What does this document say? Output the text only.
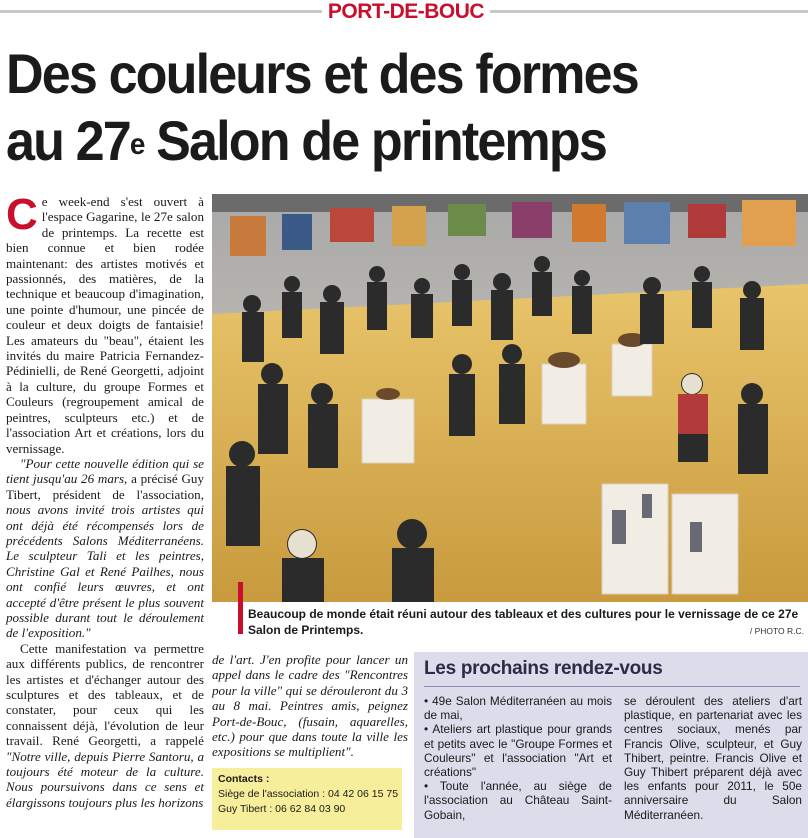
PORT-DE-BOUC
Des couleurs et des formes
au 27e Salon de printemps
C e week-end s'est ouvert à l'espace Gagarine, le 27e salon de printemps. La recette est bien connue et bien rodée maintenant: des artistes motivés et passionnés, des matières, de la technique et beaucoup d'imagination, une pointe d'humour, une pincée de couleur et deux doigts de fantaisie! Les amateurs du "beau", étaient les invités du maire Patricia Fernandez-Pédinielli, de René Georgetti, adjoint à la culture, du groupe Formes et Couleurs (regroupement amical de peintres, sculpteurs etc.) et de l'association Art et créations, lors du vernissage.

"Pour cette nouvelle édition qui se tient jusqu'au 26 mars, a précisé Guy Tibert, président de l'association, nous avons invité trois artistes qui ont déjà été récompensés lors de précédents Salons Méditerranéens. Le sculpteur Tali et les peintres, Christine Gal et René Pailhes, nous ont confié leurs œuvres, et ont accepté d'être présent le plus souvent possible durant tout le déroulement de l'exposition."

Cette manifestation va permettre aux différents publics, de rencontrer les artistes et d'échanger autour des sculptures et des tableaux, et de constater, pour ceux qui les connaissent déjà, l'évolution de leur travail. René Georgetti, a rappelé "Notre ville, depuis Pierre Santoru, a toujours été moteur de la culture. Nous poursuivons dans ce sens et élargissons toujours plus les horizons

de l'art. J'en profite pour lancer un appel dans le cadre des "Rencontres pour la ville" qui se dérouleront du 3 au 8 mai. Peintres amis, peignez Port-de-Bouc, (fusain, aquarelles, etc.) pour que dans toute la ville les expositions se multiplient".

Contacts :
Siège de l'association : 04 42 06 15 75
Guy Tibert : 06 62 84 03 90
Beaucoup de monde était réuni autour des tableaux et des cultures pour le vernissage de ce 27e Salon de Printemps.	/ PHOTO R.C.
Les prochains rendez-vous

• 49e Salon Méditerranéen au mois de mai,

• Ateliers art plastique pour grands et petits avec le "Groupe Formes et Couleurs" et l'association "Art et créations"

• Toute l'année, au siège de l'association au Château Saint-Gobain,

se déroulent des ateliers d'art plastique, en partenariat avec les centres sociaux, menés par Francis Olive, sculpteur, et Guy Thibert, peintre. Francis Olive et Guy Thibert préparent déjà avec les enfants pour 2011, le 50e anniversaire du Salon Méditerranéen.
